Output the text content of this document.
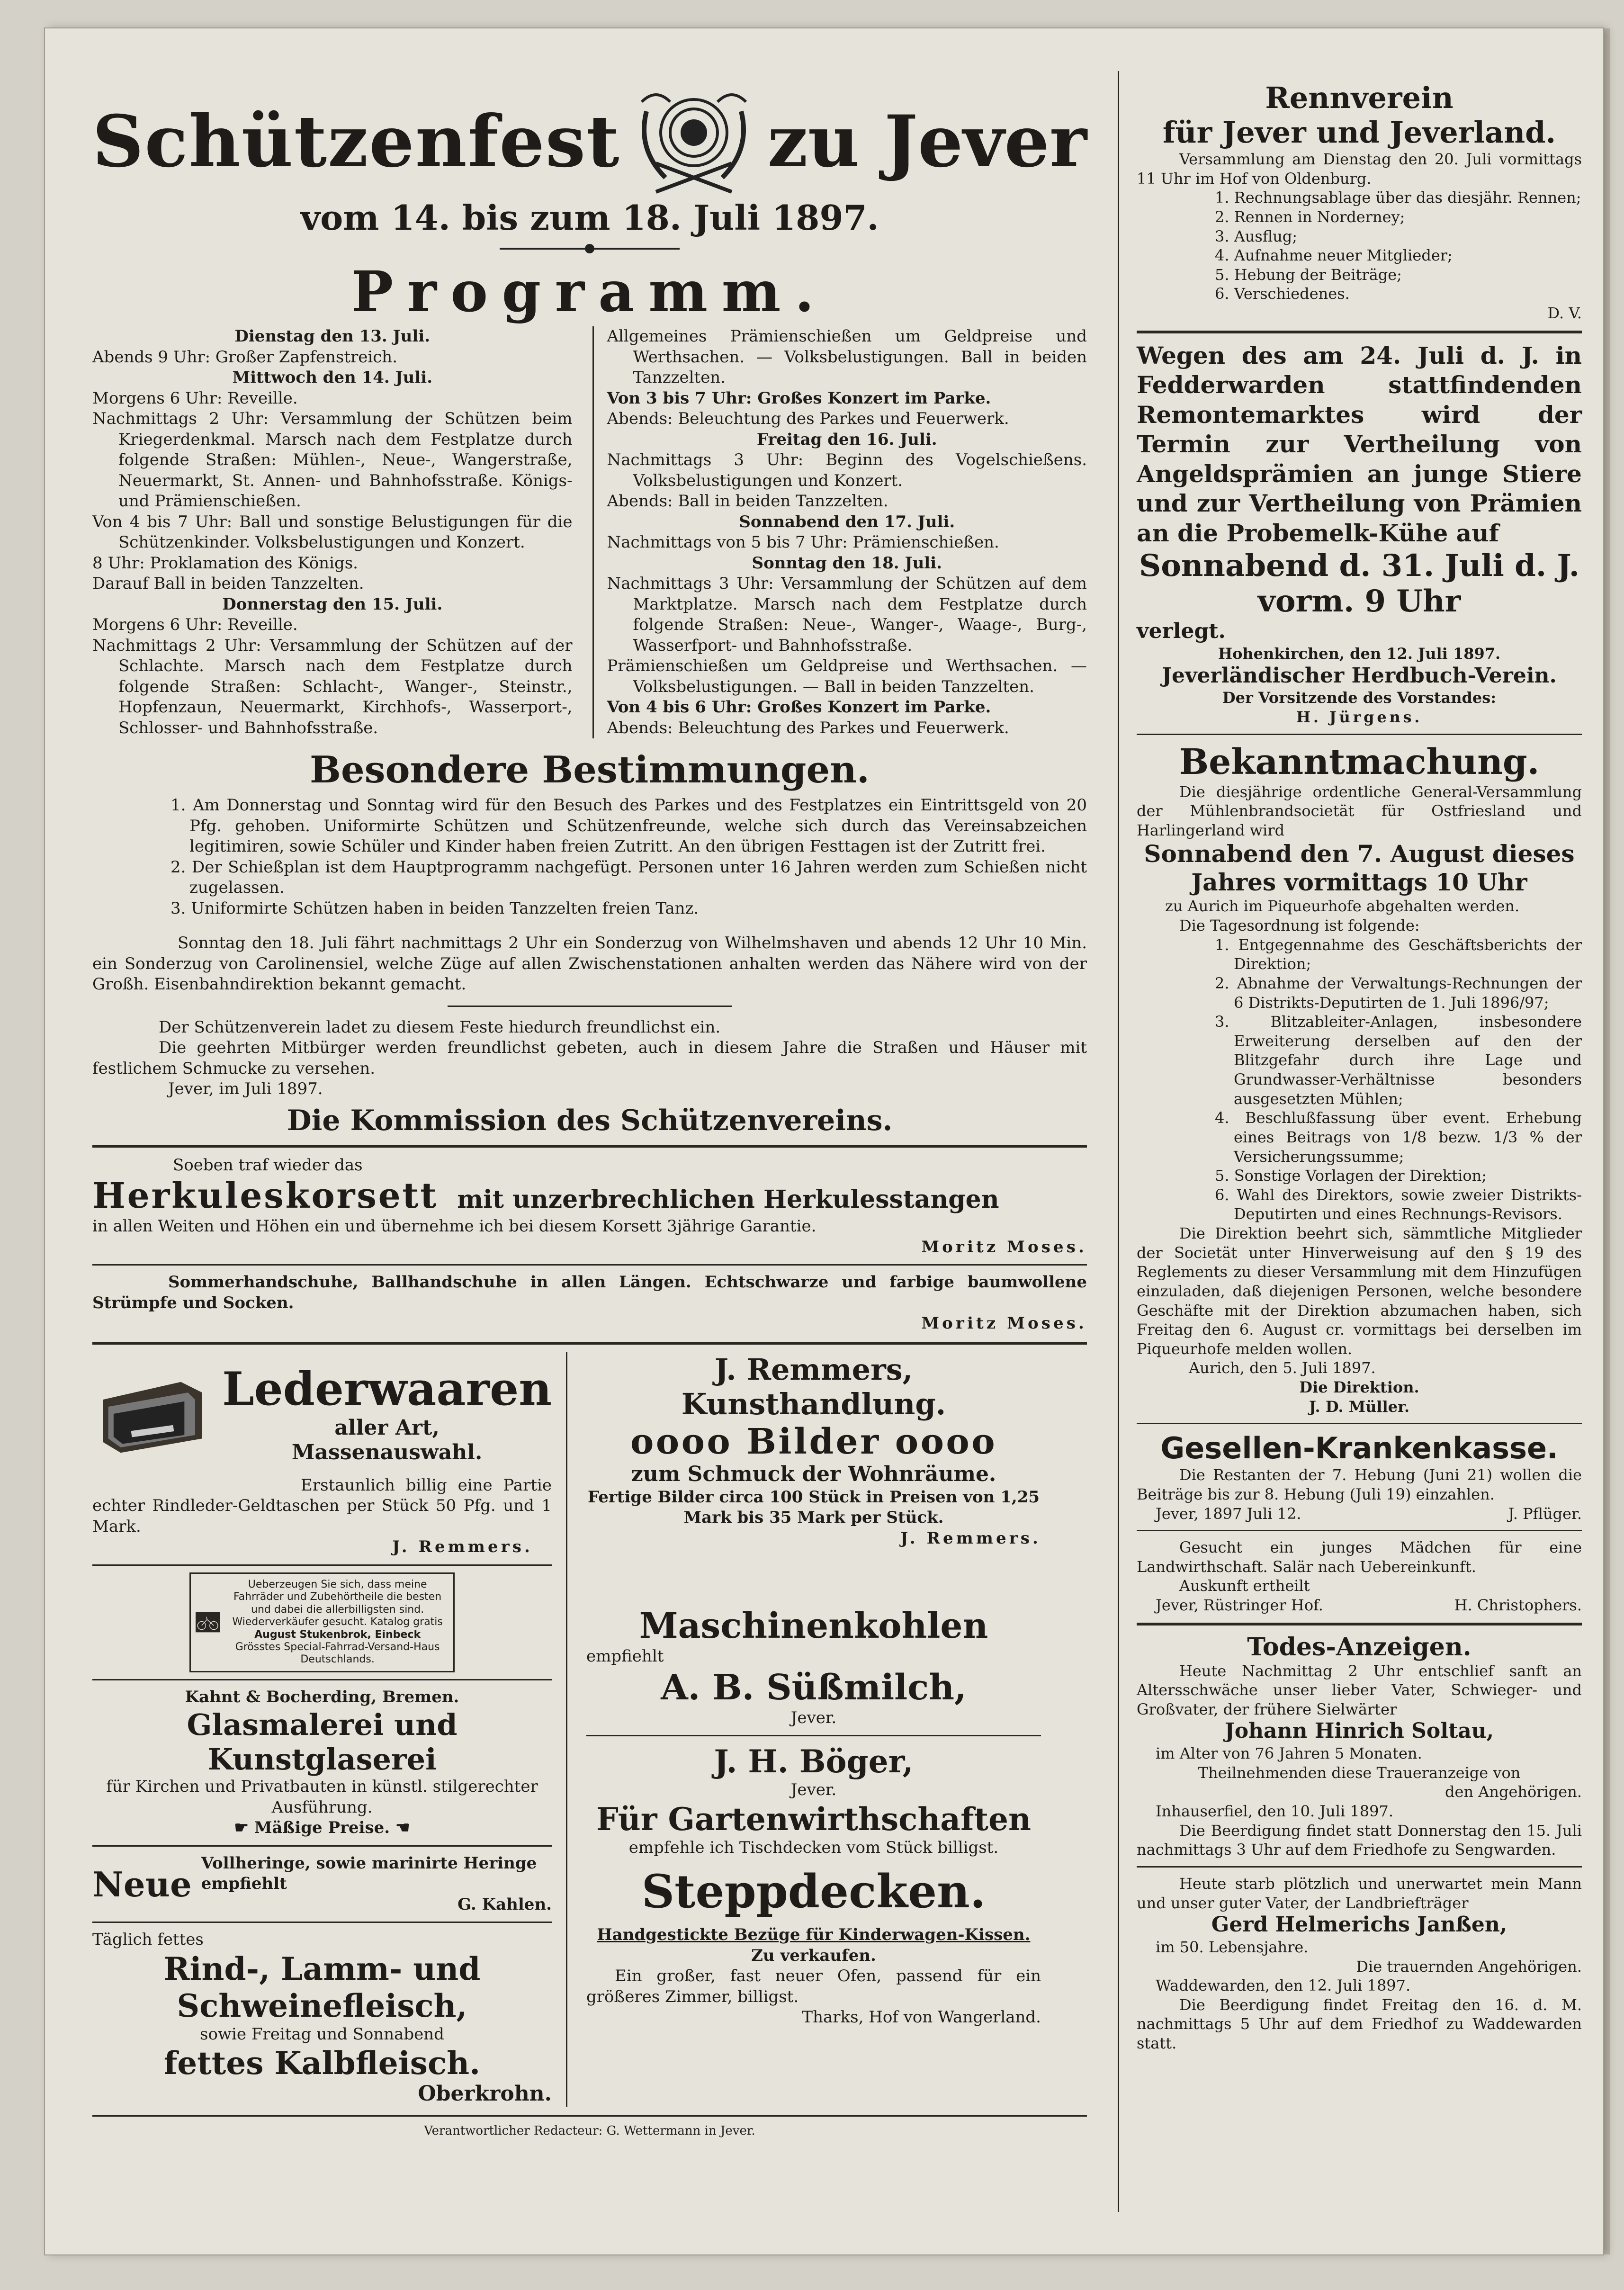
Schützenfest zu Jever
vom 14. bis zum 18. Juli 1897.
Programm.
Dienstag den 13. Juli.
Abends 9 Uhr: Großer Zapfenstreich.
Mittwoch den 14. Juli.
Morgens 6 Uhr: Reveille.
Nachmittags 2 Uhr: Versammlung der Schützen beim Kriegerdenkmal. Marsch nach dem Festplatze durch folgende Straßen: Mühlen-, Neue-, Wangerstraße, Neuermarkt, St. Annen- und Bahnhofsstraße. Königs- und Prämienschießen.
Von 4 bis 7 Uhr: Ball und sonstige Belustigungen für die Schützenkinder. Volksbelustigungen und Konzert.
8 Uhr: Proklamation des Königs.
Darauf Ball in beiden Tanzzelten.
Donnerstag den 15. Juli.
Morgens 6 Uhr: Reveille.
Nachmittags 2 Uhr: Versammlung der Schützen auf der Schlachte. Marsch nach dem Festplatze durch folgende Straßen: Schlacht-, Wanger-, Steinstr., Hopfenzaun, Neuermarkt, Kirchhofs-, Wasserport-, Schlosser- und Bahnhofsstraße.
Allgemeines Prämienschießen um Geldpreise und Werthsachen. — Volksbelustigungen. Ball in beiden Tanzzelten.
Von 3 bis 7 Uhr: Großes Konzert im Parke.
Abends: Beleuchtung des Parkes und Feuerwerk.
Freitag den 16. Juli.
Nachmittags 3 Uhr: Beginn des Vogelschießens. Volksbelustigungen und Konzert.
Abends: Ball in beiden Tanzzelten.
Sonnabend den 17. Juli.
Nachmittags von 5 bis 7 Uhr: Prämienschießen.
Sonntag den 18. Juli.
Nachmittags 3 Uhr: Versammlung der Schützen auf dem Marktplatze. Marsch nach dem Festplatze durch folgende Straßen: Neue-, Wanger-, Waage-, Burg-, Wasserfport- und Bahnhofsstraße.
Prämienschießen um Geldpreise und Werthsachen. — Volksbelustigungen. — Ball in beiden Tanzzelten.
Von 4 bis 6 Uhr: Großes Konzert im Parke.
Abends: Beleuchtung des Parkes und Feuerwerk.
Besondere Bestimmungen.
1. Am Donnerstag und Sonntag wird für den Besuch des Parkes und des Festplatzes ein Eintrittsgeld von 20 Pfg. gehoben. Uniformirte Schützen und Schützenfreunde, welche sich durch das Vereinsabzeichen legitimiren, sowie Schüler und Kinder haben freien Zutritt. An den übrigen Festtagen ist der Zutritt frei.
2. Der Schießplan ist dem Hauptprogramm nachgefügt. Personen unter 16 Jahren werden zum Schießen nicht zugelassen.
3. Uniformirte Schützen haben in beiden Tanzzelten freien Tanz.
Sonntag den 18. Juli fährt nachmittags 2 Uhr ein Sonderzug von Wilhelmshaven und abends 12 Uhr 10 Min. ein Sonderzug von Carolinensiel, welche Züge auf allen Zwischenstationen anhalten werden das Nähere wird von der Großh. Eisenbahndirektion bekannt gemacht.
Der Schützenverein ladet zu diesem Feste hiedurch freundlichst ein.
Die geehrten Mitbürger werden freundlichst gebeten, auch in diesem Jahre die Straßen und Häuser mit festlichem Schmucke zu versehen.
Jever, im Juli 1897.
Die Kommission des Schützenvereins.
Soeben traf wieder das
Herkuleskorsett mit unzerbrechlichen Herkulesstangen
in allen Weiten und Höhen ein und übernehme ich bei diesem Korsett 3jährige Garantie.
Moritz Moses.
Sommerhandschuhe, Ballhandschuhe in allen Längen. Echtschwarze und farbige baumwollene Strümpfe und Socken.
Moritz Moses.
Lederwaaren
aller Art,
Massenauswahl.
Erstaunlich billig eine Partie echter Rindleder-Geldtaschen per Stück 50 Pfg. und 1 Mark.
J. Remmers.
Ueberzeugen Sie sich, dass meine Fahrräder und Zubehörtheile die besten und dabei die allerbilligsten sind. Wiederverkäufer gesucht. Katalog gratis
August Stukenbrok, Einbeck
Grösstes Special-Fahrrad-Versand-Haus Deutschlands.
Kahnt & Bocherding, Bremen.
Glasmalerei und Kunstglaserei
für Kirchen und Privatbauten in künstl. stilgerechter Ausführung.
☛ Mäßige Preise. ☚
Neue
Vollheringe, sowie marinirte Heringe empfiehlt
G. Kahlen.
Täglich fettes
Rind-, Lamm- und
Schweinefleisch,
sowie Freitag und Sonnabend
fettes Kalbfleisch.
Oberkrohn.
J. Remmers, Kunsthandlung.
oooo Bilder oooo
zum Schmuck der Wohnräume.
Fertige Bilder circa 100 Stück in Preisen von 1,25 Mark bis 35 Mark per Stück.
J. Remmers.
Maschinenkohlen
empfiehlt
A. B. Süßmilch,
Jever.
J. H. Böger,
Jever.
Für Gartenwirthschaften
empfehle ich Tischdecken vom Stück billigst.
Steppdecken.
Handgestickte Bezüge für Kinderwagen-Kissen.
Zu verkaufen.
Ein großer, fast neuer Ofen, passend für ein größeres Zimmer, billigst.
Tharks, Hof von Wangerland.
Verantwortlicher Redacteur: G. Wettermann in Jever.
Rennverein
für Jever und Jeverland.
Versammlung am Dienstag den 20. Juli vormittags 11 Uhr im Hof von Oldenburg.
1. Rechnungsablage über das diesjähr. Rennen;
2. Rennen in Norderney;
3. Ausflug;
4. Aufnahme neuer Mitglieder;
5. Hebung der Beiträge;
6. Verschiedenes.
D. V.
Wegen des am 24. Juli d. J. in Fedderwarden stattfindenden Remontemarktes wird der Termin zur Vertheilung von Angeldsprämien an junge Stiere und zur Vertheilung von Prämien an die Probemelk-Kühe auf
Sonnabend d. 31. Juli d. J.
vorm. 9 Uhr
verlegt.
Hohenkirchen, den 12. Juli 1897.
Jeverländischer Herdbuch-Verein.
Der Vorsitzende des Vorstandes:
H. Jürgens.
Bekanntmachung.
Die diesjährige ordentliche General-Versammlung der Mühlenbrandsocietät für Ostfriesland und Harlingerland wird
Sonnabend den 7. August dieses Jahres vormittags 10 Uhr
zu Aurich im Piqueurhofe abgehalten werden.
Die Tagesordnung ist folgende:
1. Entgegennahme des Geschäftsberichts der Direktion;
2. Abnahme der Verwaltungs-Rechnungen der 6 Distrikts-Deputirten de 1. Juli 1896/97;
3. Blitzableiter-Anlagen, insbesondere Erweiterung derselben auf den der Blitzgefahr durch ihre Lage und Grundwasser-Verhältnisse besonders ausgesetzten Mühlen;
4. Beschlußfassung über event. Erhebung eines Beitrags von 1/8 bezw. 1/3 % der Versicherungssumme;
5. Sonstige Vorlagen der Direktion;
6. Wahl des Direktors, sowie zweier Distrikts-Deputirten und eines Rechnungs-Revisors.
Die Direktion beehrt sich, sämmtliche Mitglieder der Societät unter Hinverweisung auf den § 19 des Reglements zu dieser Versammlung mit dem Hinzufügen einzuladen, daß diejenigen Personen, welche besondere Geschäfte mit der Direktion abzumachen haben, sich Freitag den 6. August cr. vormittags bei derselben im Piqueurhofe melden wollen.
Aurich, den 5. Juli 1897.
Die Direktion.
J. D. Müller.
Gesellen-Krankenkasse.
Die Restanten der 7. Hebung (Juni 21) wollen die Beiträge bis zur 8. Hebung (Juli 19) einzahlen.
Jever, 1897 Juli 12.	J. Pflüger.
Gesucht ein junges Mädchen für eine Landwirthschaft. Salär nach Uebereinkunft.
Auskunft ertheilt
Jever, Rüstringer Hof.	H. Christophers.
Todes-Anzeigen.
Heute Nachmittag 2 Uhr entschlief sanft an Altersschwäche unser lieber Vater, Schwieger- und Großvater, der frühere Sielwärter
Johann Hinrich Soltau,
im Alter von 76 Jahren 5 Monaten.
Theilnehmenden diese Traueranzeige von
den Angehörigen.
Inhauserfiel, den 10. Juli 1897.
Die Beerdigung findet statt Donnerstag den 15. Juli nachmittags 3 Uhr auf dem Friedhofe zu Sengwarden.
Heute starb plötzlich und unerwartet mein Mann und unser guter Vater, der Landbriefträger
Gerd Helmerichs Janßen,
im 50. Lebensjahre.
Die trauernden Angehörigen.
Waddewarden, den 12. Juli 1897.
Die Beerdigung findet Freitag den 16. d. M. nachmittags 5 Uhr auf dem Friedhof zu Waddewarden statt.
